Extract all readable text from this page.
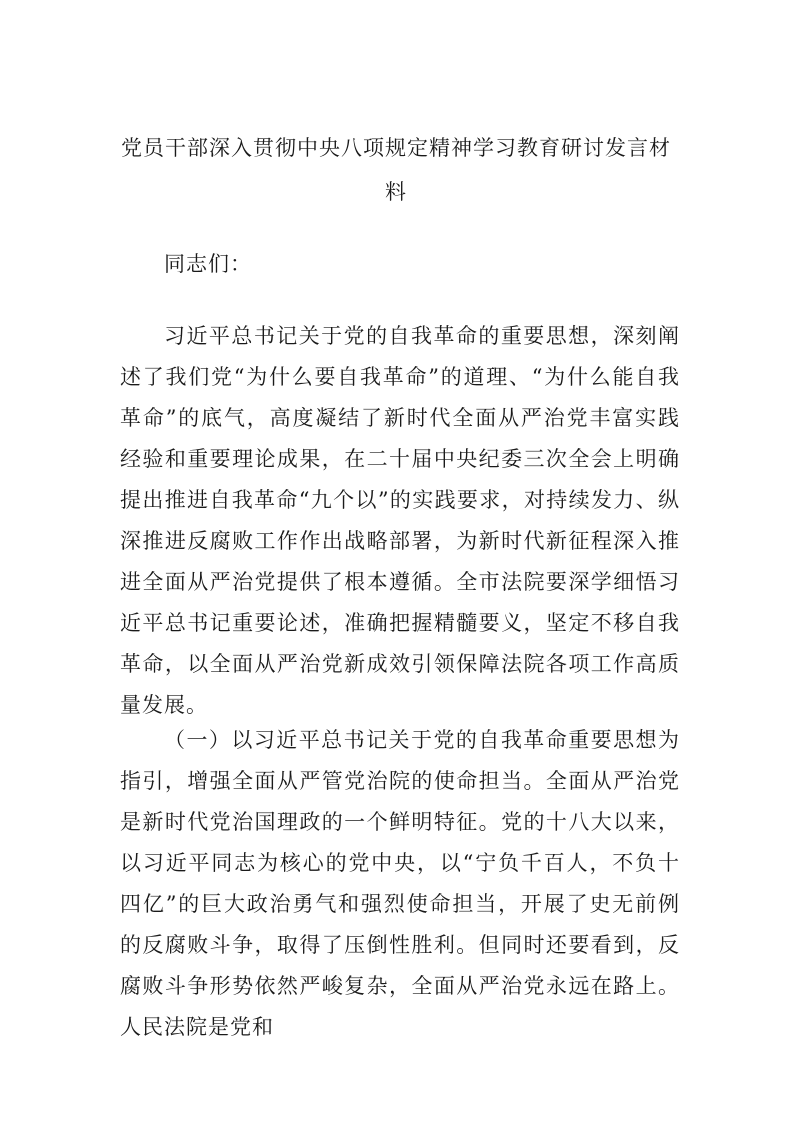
党员干部深入贯彻中央八项规定精神学习教育研讨发言材料

同志们：

习近平总书记关于党的自我革命的重要思想，深刻阐述了我们党“为什么要自我革命”的道理、“为什么能自我革命”的底气，高度凝结了新时代全面从严治党丰富实践经验和重要理论成果，在二十届中央纪委三次全会上明确提出推进自我革命“九个以”的实践要求，对持续发力、纵深推进反腐败工作作出战略部署，为新时代新征程深入推进全面从严治党提供了根本遵循。全市法院要深学细悟习近平总书记重要论述，准确把握精髓要义，坚定不移自我革命，以全面从严治党新成效引领保障法院各项工作高质量发展。

（一）以习近平总书记关于党的自我革命重要思想为指引，增强全面从严管党治院的使命担当。全面从严治党是新时代党治国理政的一个鲜明特征。党的十八大以来，以习近平同志为核心的党中央，以“宁负千百人，不负十四亿”的巨大政治勇气和强烈使命担当，开展了史无前例的反腐败斗争，取得了压倒性胜利。但同时还要看到，反腐败斗争形势依然严峻复杂，全面从严治党永远在路上。人民法院是党和
